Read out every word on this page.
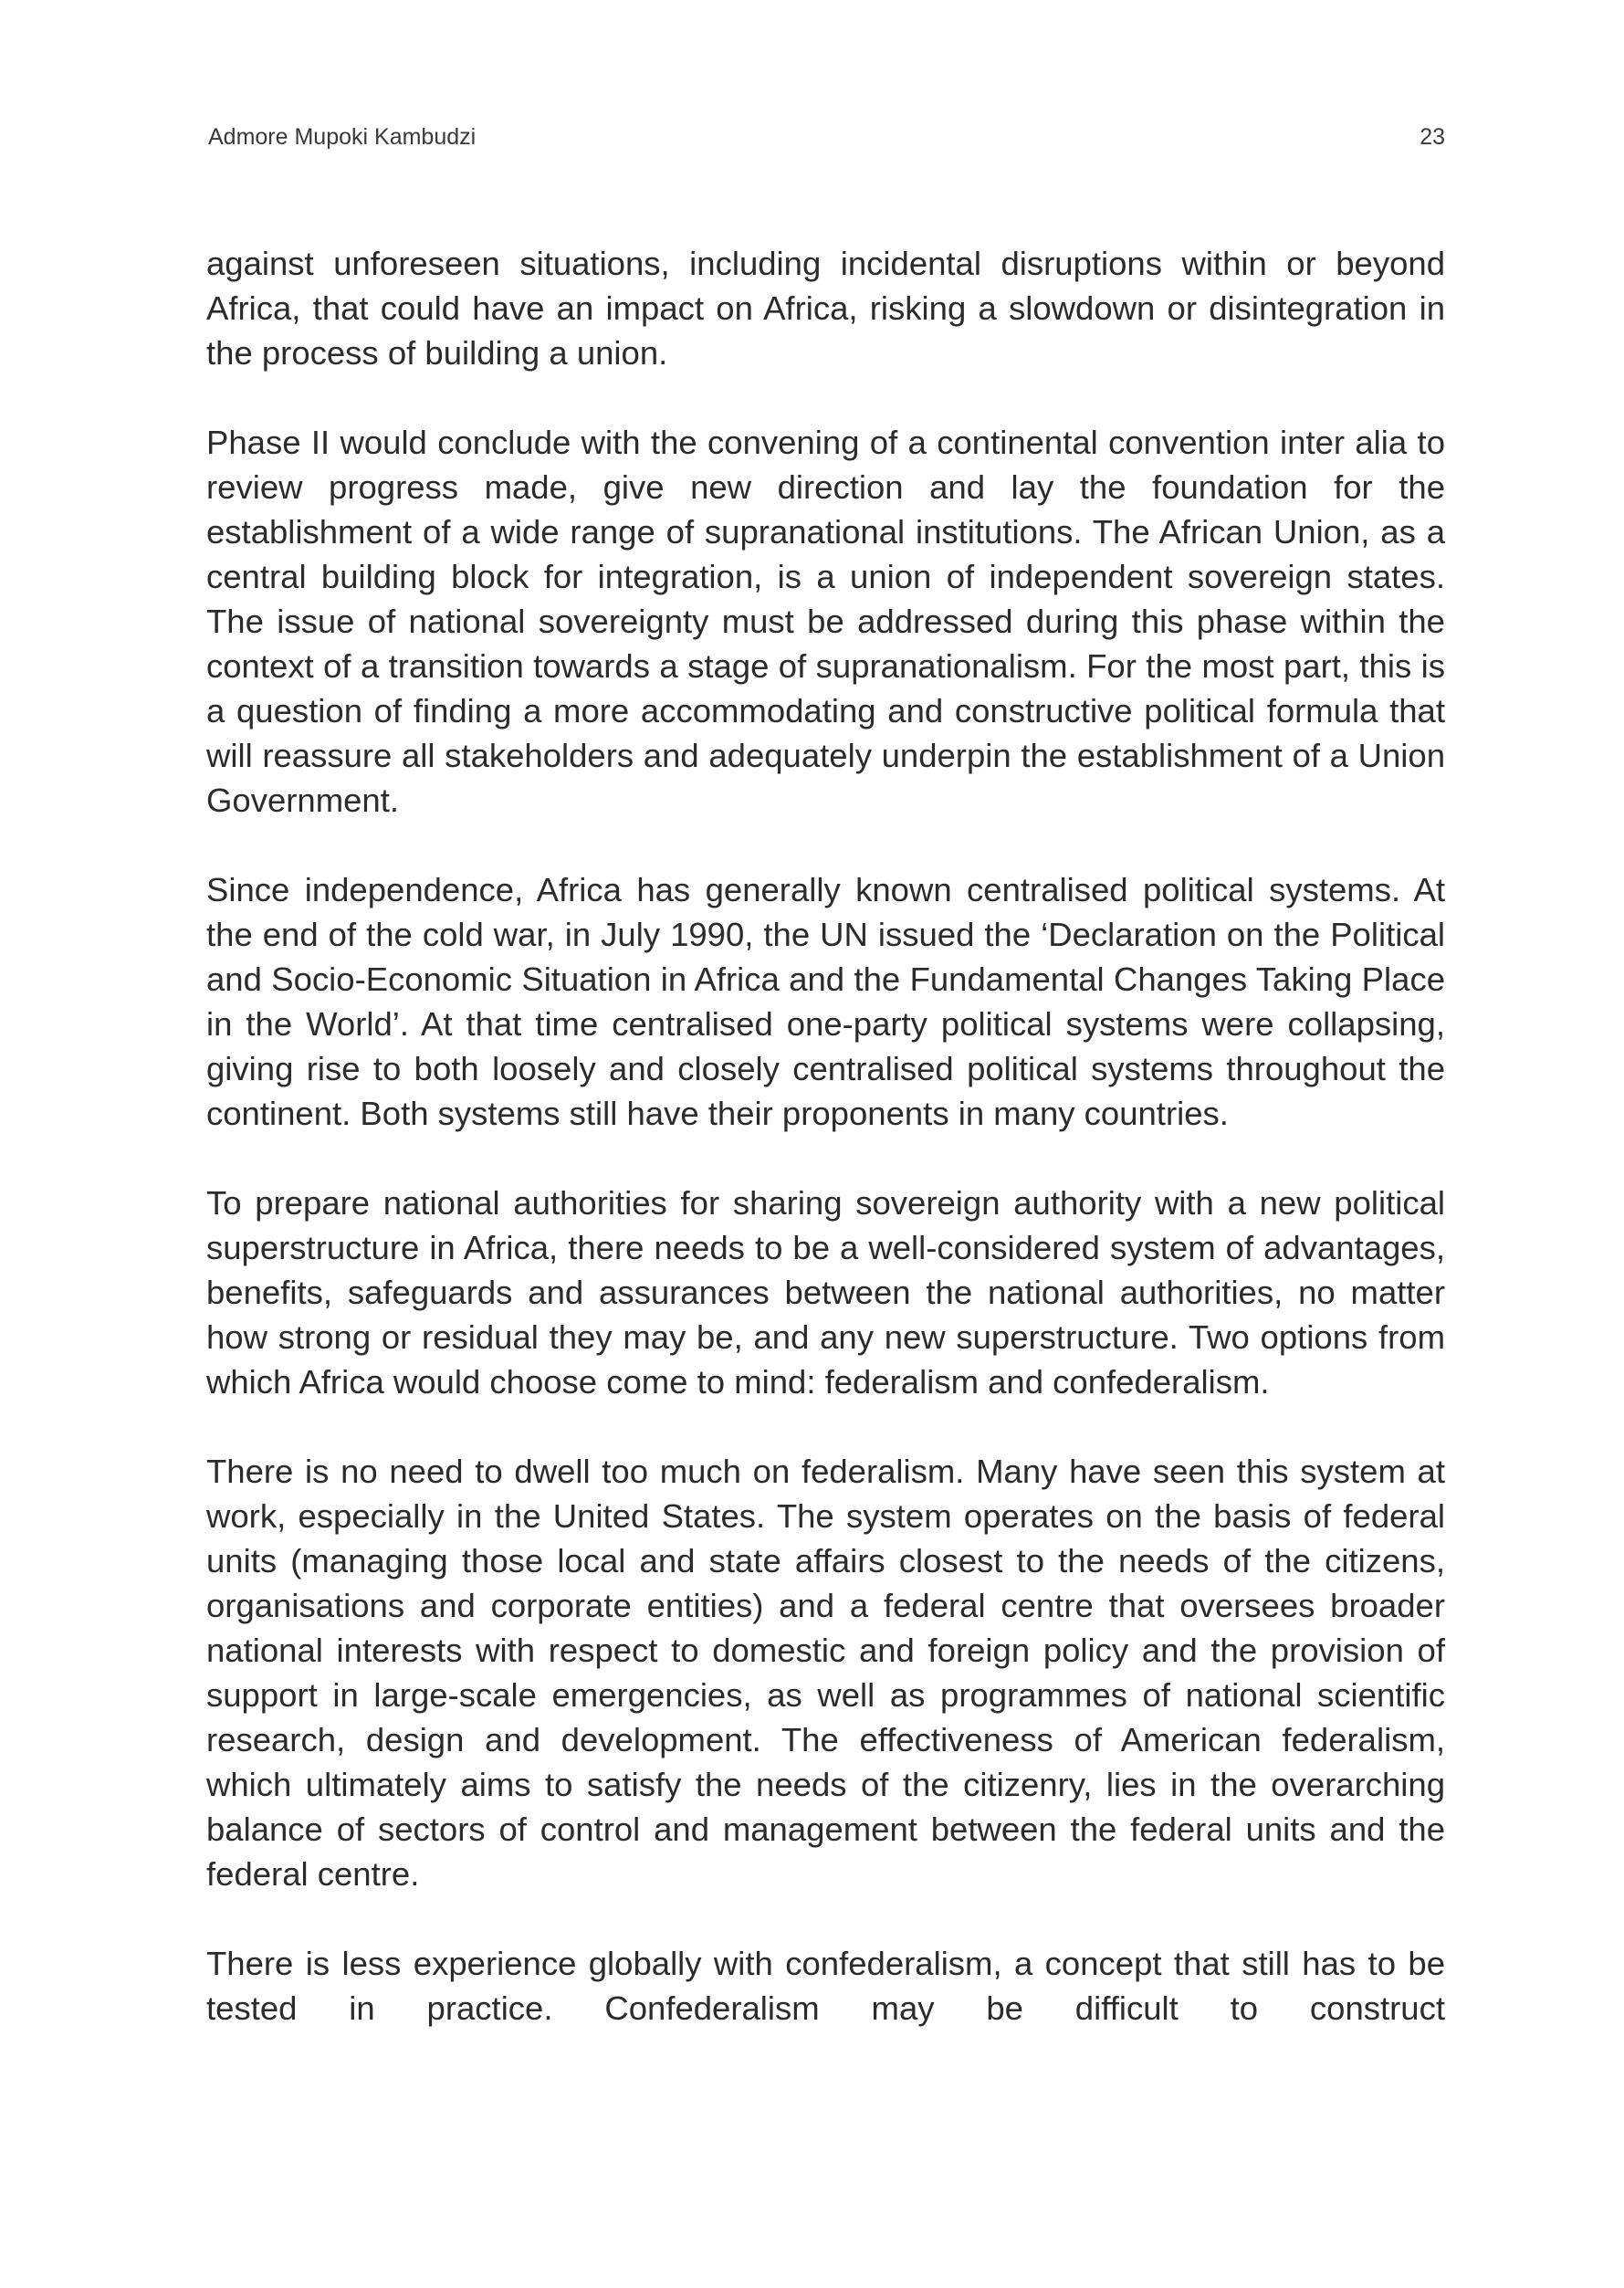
Admore Mupoki Kambudzi	23

against unforeseen situations, including incidental disruptions within or beyond Africa, that could have an impact on Africa, risking a slowdown or disintegration in the process of building a union.

Phase II would conclude with the convening of a continental convention inter alia to review progress made, give new direction and lay the foundation for the establishment of a wide range of supranational institutions. The African Union, as a central building block for integration, is a union of independent sovereign states. The issue of national sovereignty must be addressed during this phase within the context of a transition towards a stage of supranationalism. For the most part, this is a question of finding a more accommodating and constructive political formula that will reassure all stakeholders and adequately underpin the establishment of a Union Government.

Since independence, Africa has generally known centralised political systems. At the end of the cold war, in July 1990, the UN issued the ‘Declaration on the Political and Socio-Economic Situation in Africa and the Fundamental Changes Taking Place in the World’. At that time centralised one-party political systems were collapsing, giving rise to both loosely and closely centralised political systems throughout the continent. Both systems still have their proponents in many countries.

To prepare national authorities for sharing sovereign authority with a new political superstructure in Africa, there needs to be a well-considered system of advantages, benefits, safeguards and assurances between the national authorities, no matter how strong or residual they may be, and any new superstructure. Two options from which Africa would choose come to mind: federalism and confederalism.

There is no need to dwell too much on federalism. Many have seen this system at work, especially in the United States. The system operates on the basis of federal units (managing those local and state affairs closest to the needs of the citizens, organisations and corporate entities) and a federal centre that oversees broader national interests with respect to domestic and foreign policy and the provision of support in large-scale emergencies, as well as programmes of national scientific research, design and development. The effectiveness of American federalism, which ultimately aims to satisfy the needs of the citizenry, lies in the overarching balance of sectors of control and management between the federal units and the federal centre.

There is less experience globally with confederalism, a concept that still has to be tested in practice. Confederalism may be difficult to construct
